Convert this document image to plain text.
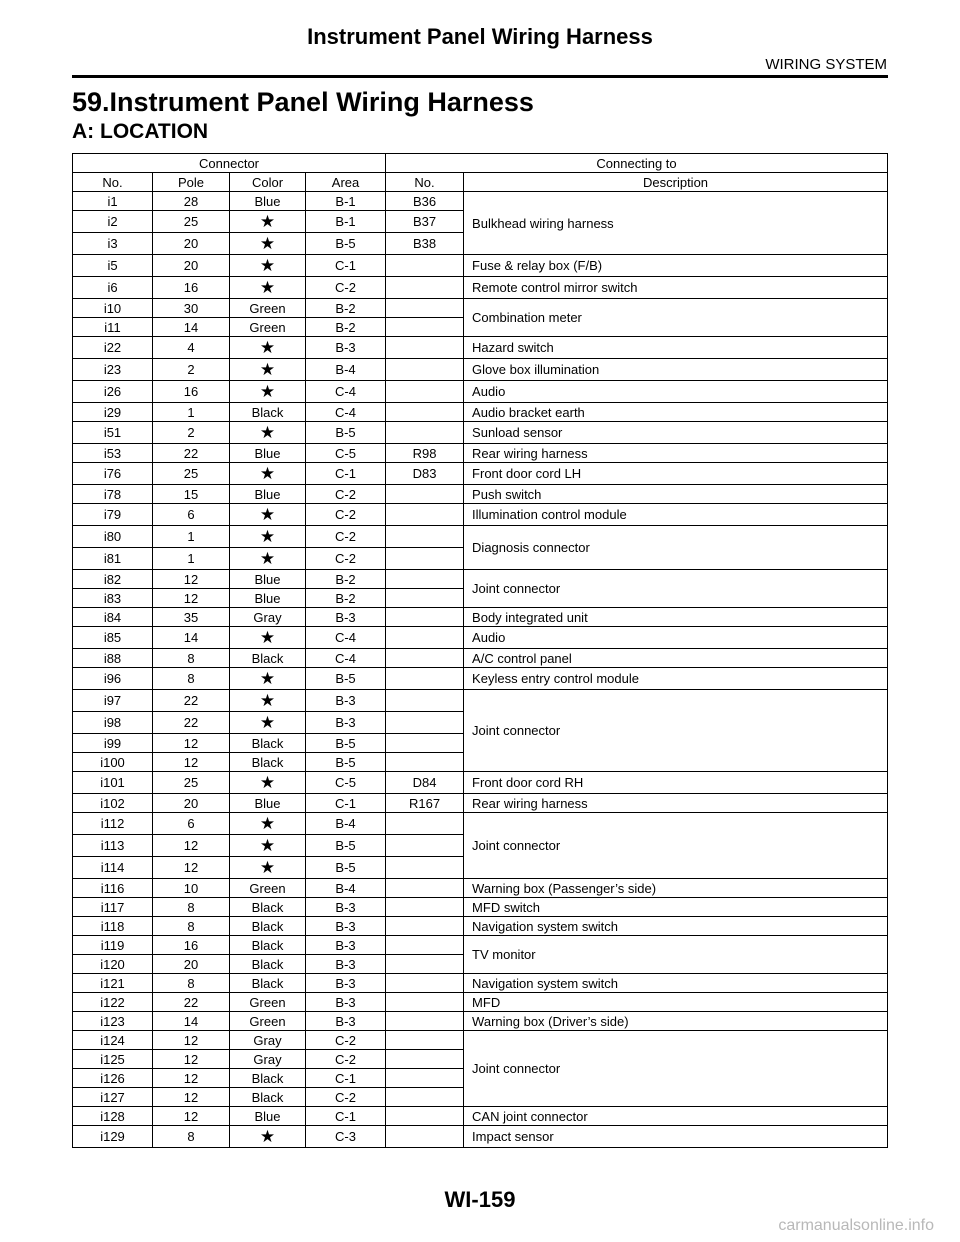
Instrument Panel Wiring Harness
WIRING SYSTEM
59.Instrument Panel Wiring Harness
A: LOCATION
Connector				Connecting to	
No.	Pole	Color	Area	No.	Description
i1	28	Blue	B-1	B36	Bulkhead wiring harness
i2	25	★	B-1	B37	
i3	20	★	B-5	B38	
i5	20	★	C-1		Fuse & relay box (F/B)
i6	16	★	C-2		Remote control mirror switch
i10	30	Green	B-2		Combination meter
i11	14	Green	B-2		
i22	4	★	B-3		Hazard switch
i23	2	★	B-4		Glove box illumination
i26	16	★	C-4		Audio
i29	1	Black	C-4		Audio bracket earth
i51	2	★	B-5		Sunload sensor
i53	22	Blue	C-5	R98	Rear wiring harness
i76	25	★	C-1	D83	Front door cord LH
i78	15	Blue	C-2		Push switch
i79	6	★	C-2		Illumination control module
i80	1	★	C-2		Diagnosis connector
i81	1	★	C-2		
i82	12	Blue	B-2		Joint connector
i83	12	Blue	B-2		
i84	35	Gray	B-3		Body integrated unit
i85	14	★	C-4		Audio
i88	8	Black	C-4		A/C control panel
i96	8	★	B-5		Keyless entry control module
i97	22	★	B-3		Joint connector
i98	22	★	B-3		
i99	12	Black	B-5		
i100	12	Black	B-5		
i101	25	★	C-5	D84	Front door cord RH
i102	20	Blue	C-1	R167	Rear wiring harness
i112	6	★	B-4		Joint connector
i113	12	★	B-5		
i114	12	★	B-5		
i116	10	Green	B-4		Warning box (Passenger’s side)
i117	8	Black	B-3		MFD switch
i118	8	Black	B-3		Navigation system switch
i119	16	Black	B-3		TV monitor
i120	20	Black	B-3		
i121	8	Black	B-3		Navigation system switch
i122	22	Green	B-3		MFD
i123	14	Green	B-3		Warning box (Driver’s side)
i124	12	Gray	C-2		Joint connector
i125	12	Gray	C-2		
i126	12	Black	C-1		
i127	12	Black	C-2		
i128	12	Blue	C-1		CAN joint connector
i129	8	★	C-3		Impact sensor
WI-159
carmanualsonline.info
